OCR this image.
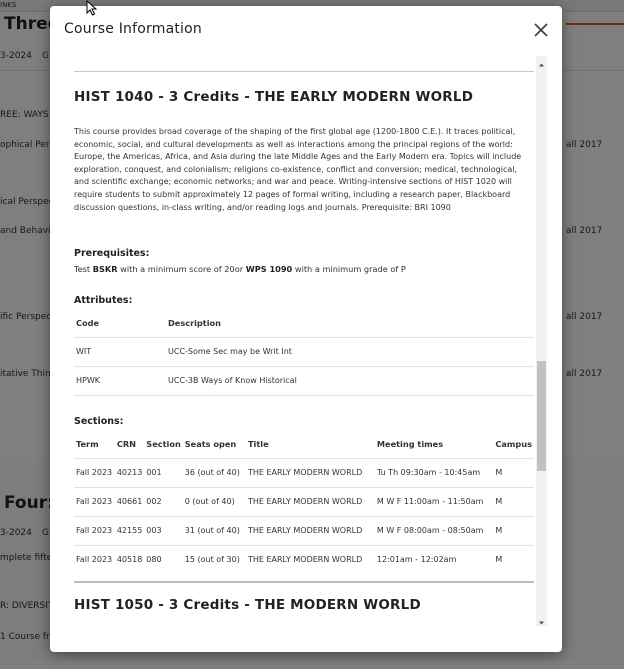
Course Information
HIST 1040 - 3 Credits - THE EARLY MODERN WORLD
This course provides broad coverage of the shaping of the first global age (1200-1800 C.E.). It traces political, economic, social, and cultural developments as well as interactions among the principal regions of the world: Europe, the Americas, Africa, and Asia during the late Middle Ages and the Early Modern era. Topics will include exploration, conquest, and colonialism; religions co-existence, conflict and conversion; medical, technological, and scientific exchange; economic networks; and war and peace. Writing-intensive sections of HIST 1020 will require students to submit approximately 12 pages of formal writing, including a research paper, Blackboard discussion questions, in-class writing, and/or reading logs and journals. Prerequisite: BRI 1090
Prerequisites:
Test BSKR with a minimum score of 20or WPS 1090 with a minimum grade of P
Attributes:
Code	Description
WIT	UCC-Some Sec may be Writ Int
HPWK	UCC-3B Ways of Know Historical
Sections:
Term	CRN	Section	Seats open	Title	Meeting times	Campus
Fall 2023	40213	001	36 (out of 40)	THE EARLY MODERN WORLD	Tu Th 09:30am - 10:45am	M
Fall 2023	40661	002	0 (out of 40)	THE EARLY MODERN WORLD	M W F 11:00am - 11:50am	M
Fall 2023	42155	003	31 (out of 40)	THE EARLY MODERN WORLD	M W F 08:00am - 08:50am	M
Fall 2023	40518	080	15 (out of 30)	THE EARLY MODERN WORLD	12:01am - 12:02am	M
HIST 1050 - 3 Credits - THE MODERN WORLD
